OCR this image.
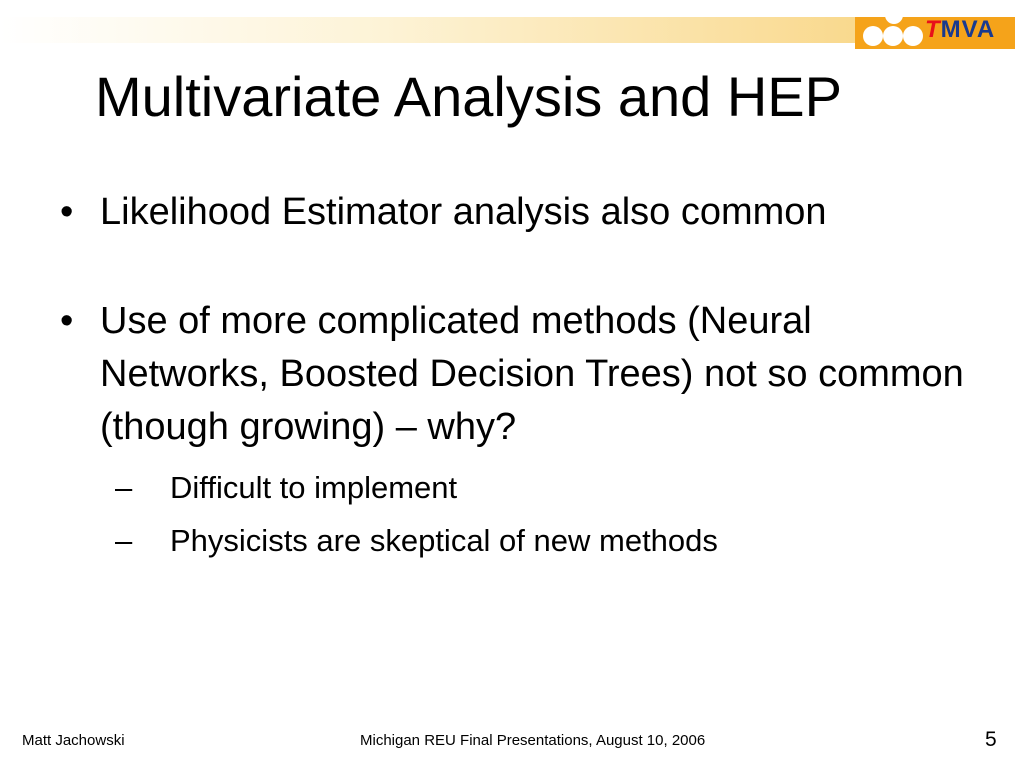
TMVA
Multivariate Analysis and HEP
• Likelihood Estimator analysis also common
• Use of more complicated methods (Neural Networks, Boosted Decision Trees) not so common (though growing) – why?
– Difficult to implement
– Physicists are skeptical of new methods
Matt Jachowski	Michigan REU Final Presentations, August 10, 2006	5
